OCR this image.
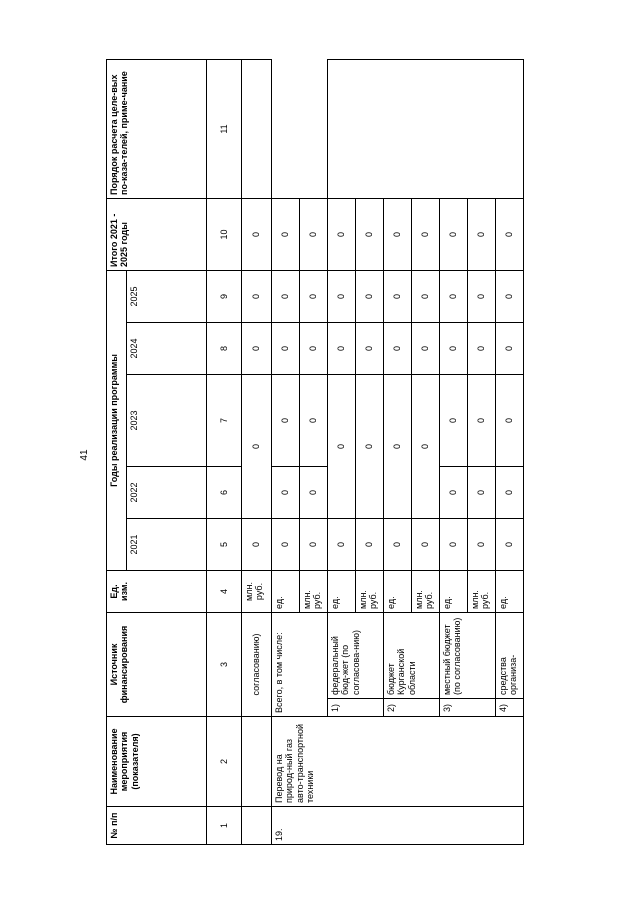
41
№ п/п	Наименование мероприятия (показателя)	Источник финансирования		Ед. изм.	Годы реализации программы					Итого 2021 - 2025 годы	Порядок расчета целе-вых по-каза-телей, приме-чание
					2021	2022	2023	2024	2025		
1	2	3		4	5	6	7	8	9	10	11
		согласованию)		млн. руб.	0	0		0	0	0	
19.	Перевод на природ-ный газ авто-транспортной техники	Всего, в том числе:		ед.	0	0	0	0	0	0	
				млн. руб.	0	0	0	0	0	0	
		1)	федеральный бюд-жет (по согласова-нию)	ед.	0	0		0	0	0	
				млн. руб.	0	0		0	0	0	
		2)	бюджет Курганской области	ед.	0	0		0	0	0	
				млн. руб.	0	0		0	0	0	
		3)	местный бюджет (по согласованию)	ед.	0	0	0	0	0	0	
				млн. руб.	0	0	0	0	0	0	

		4)	средства организа-	ед.	0	0	0	0	0	0	
